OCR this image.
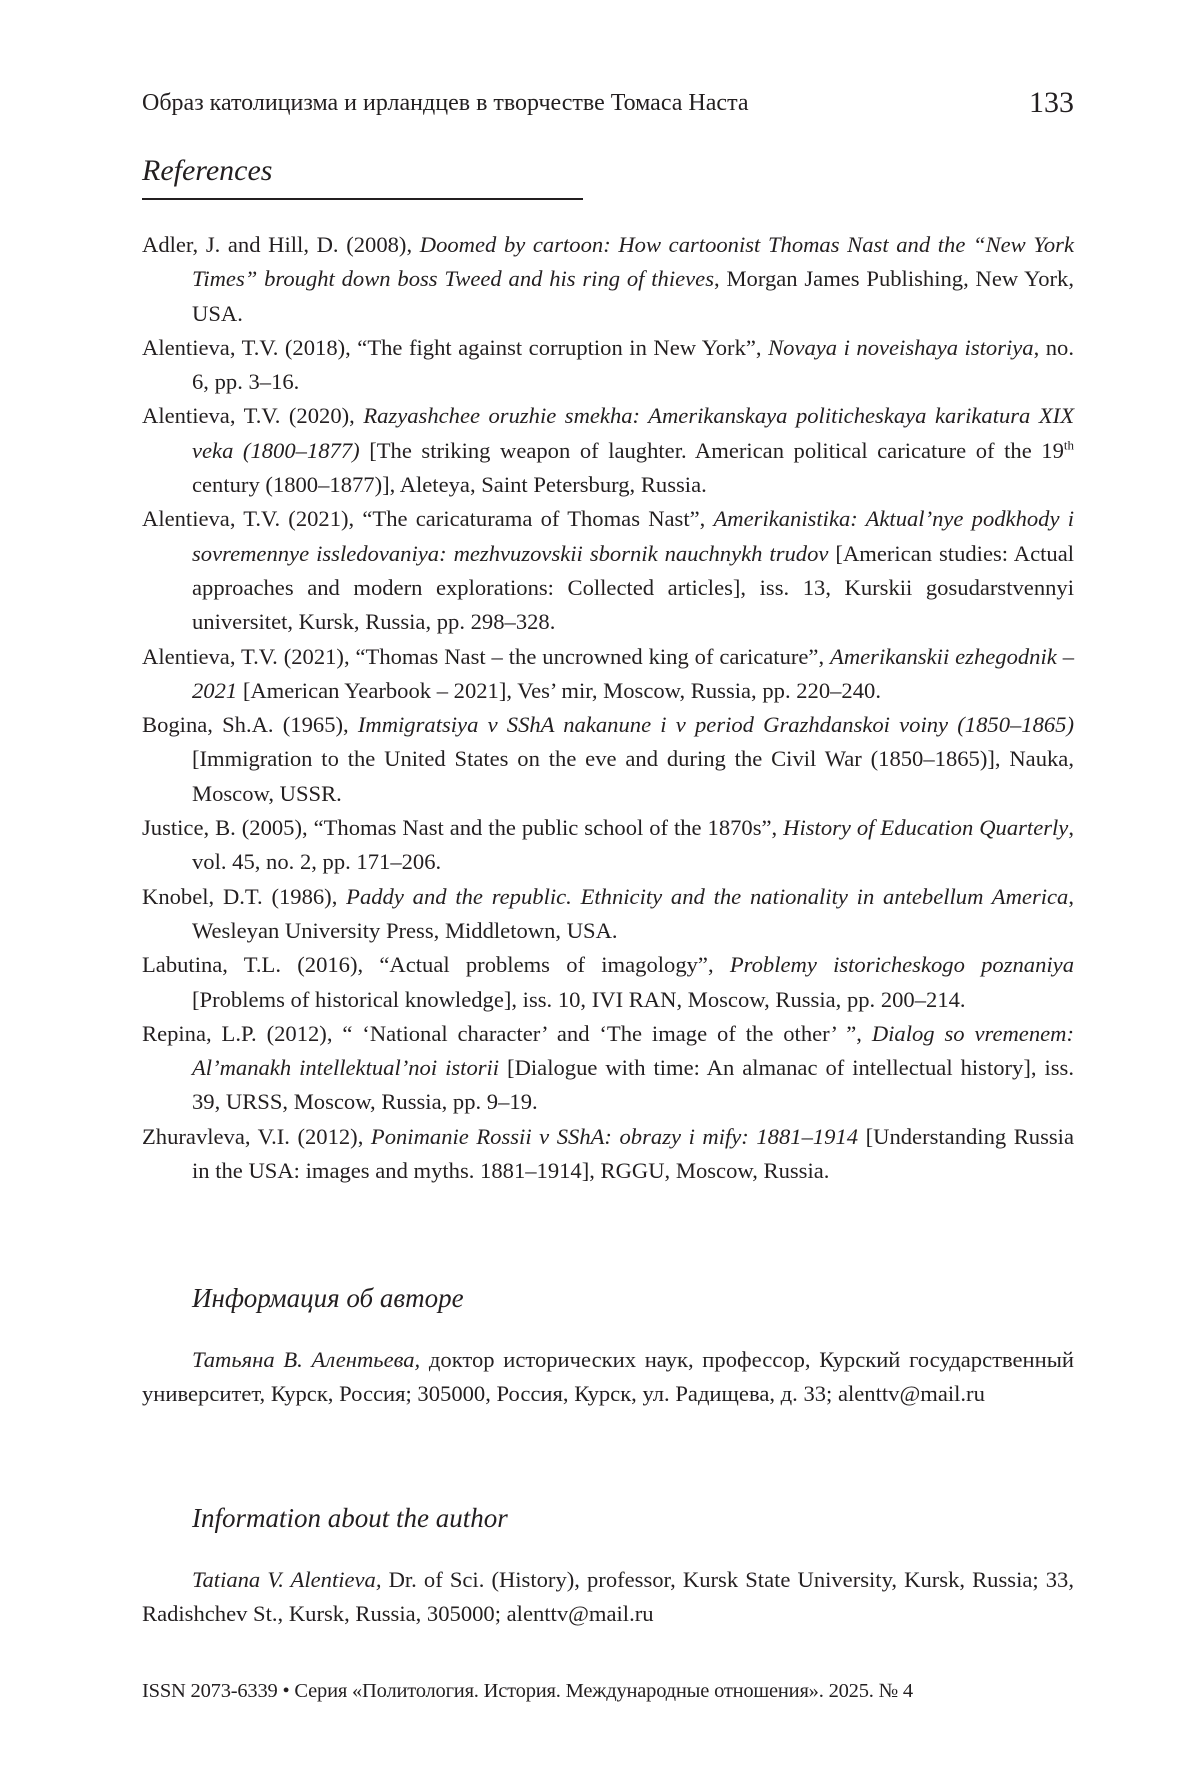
Образ католицизма и ирландцев в творчестве Томаса Наста	133
References
Adler, J. and Hill, D. (2008), Doomed by cartoon: How cartoonist Thomas Nast and the “New York Times” brought down boss Tweed and his ring of thieves, Morgan James Publishing, New York, USA.
Alentieva, T.V. (2018), “The fight against corruption in New York”, Novaya i noveishaya istoriya, no. 6, pp. 3–16.
Alentieva, T.V. (2020), Razyashchee oruzhie smekha: Amerikanskaya politicheskaya karikatura XIX veka (1800–1877) [The striking weapon of laughter. American political caricature of the 19th century (1800–1877)], Aleteya, Saint Petersburg, Russia.
Alentieva, T.V. (2021), “The caricaturama of Thomas Nast”, Amerikanistika: Aktual’nye podkhody i sovremennye issledovaniya: mezhvuzovskii sbornik nauchnykh trudov [American studies: Actual approaches and modern explorations: Collected articles], iss. 13, Kurskii gosudarstvennyi universitet, Kursk, Russia, pp. 298–328.
Alentieva, T.V. (2021), “Thomas Nast – the uncrowned king of caricature”, Amerikanskii ezhegodnik – 2021 [American Yearbook – 2021], Ves’ mir, Moscow, Russia, pp. 220–240.
Bogina, Sh.A. (1965), Immigratsiya v SShA nakanune i v period Grazhdanskoi voiny (1850–1865) [Immigration to the United States on the eve and during the Civil War (1850–1865)], Nauka, Moscow, USSR.
Justice, B. (2005), “Thomas Nast and the public school of the 1870s”, History of Education Quarterly, vol. 45, no. 2, pp. 171–206.
Knobel, D.T. (1986), Paddy and the republic. Ethnicity and the nationality in antebellum America, Wesleyan University Press, Middletown, USA.
Labutina, T.L. (2016), “Actual problems of imagology”, Problemy istoricheskogo poznaniya [Problems of historical knowledge], iss. 10, IVI RAN, Moscow, Russia, pp. 200–214.
Repina, L.P. (2012), “ ‘National character’ and ‘The image of the other’ ”, Dialog so vremenem: Al’manakh intellektual’noi istorii [Dialogue with time: An almanac of intellectual history], iss. 39, URSS, Moscow, Russia, pp. 9–19.
Zhuravleva, V.I. (2012), Ponimanie Rossii v SShA: obrazy i mify: 1881–1914 [Understanding Russia in the USA: images and myths. 1881–1914], RGGU, Moscow, Russia.
Информация об авторе
Татьяна В. Алентьева, доктор исторических наук, профессор, Курский государственный университет, Курск, Россия; 305000, Россия, Курск, ул. Радищева, д. 33; alenttv@mail.ru
Information about the author
Tatiana V. Alentieva, Dr. of Sci. (History), professor, Kursk State University, Kursk, Russia; 33, Radishchev St., Kursk, Russia, 305000; alenttv@mail.ru
ISSN 2073-6339 • Серия «Политология. История. Международные отношения». 2025. № 4
